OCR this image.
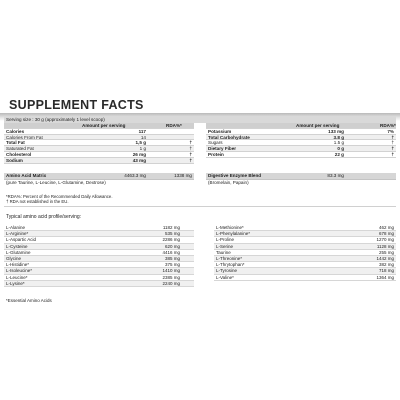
SUPPLEMENT FACTS
Serving size : 30 g (approximately 1 level scoop)
Amount per serving	RDA%*
Calories	117
Calories From Fat	14
Total Fat	1,5 g	†
Saturated Fat	1 g	†
Cholesterol	26 mg	†
Sodium	43 mg	†
Amount per serving	RDA%*
Potassium	133 mg	7%
Total Carbohydrate	3.8 g	†
Sugars	1.5 g	†
Dietary Fiber	0 g	†
Protein	22 g	†
Amino Acid Matrix	4463.3 mg	1338 mg
(pure Taurine, L-Leucine, L-Glutamine, Dextrose)
Digestive Enzyme Blend	83.3 mg
(Bromelain, Papain)
*RDA%: Percent of the Recommended Daily Allowance.
† RDA not established in the EU.
Typical amino acid profile/serving:
L-Alanine	1182 mg
L-Arginine*	535 mg
L-Aspartic Acid	2286 mg
L-Cysteine	620 mg
L-Glutamine	4416 mg
Glycine	385 mg
L-Histidine*	375 mg
L-Isoleucine*	1410 mg
L-Leucine*	2385 mg
L-Lysine*	2240 mg
L-Methionine*	462 mg
L-Phenylalanine*	678 mg
L-Proline	1270 mg
L-Serine	1128 mg
Taurine	255 mg
L-Threonine*	1442 mg
L-Thrytophan*	382 mg
L-Tyrosine	718 mg
L-Valine*	1364 mg
*Essential Amino Acids
